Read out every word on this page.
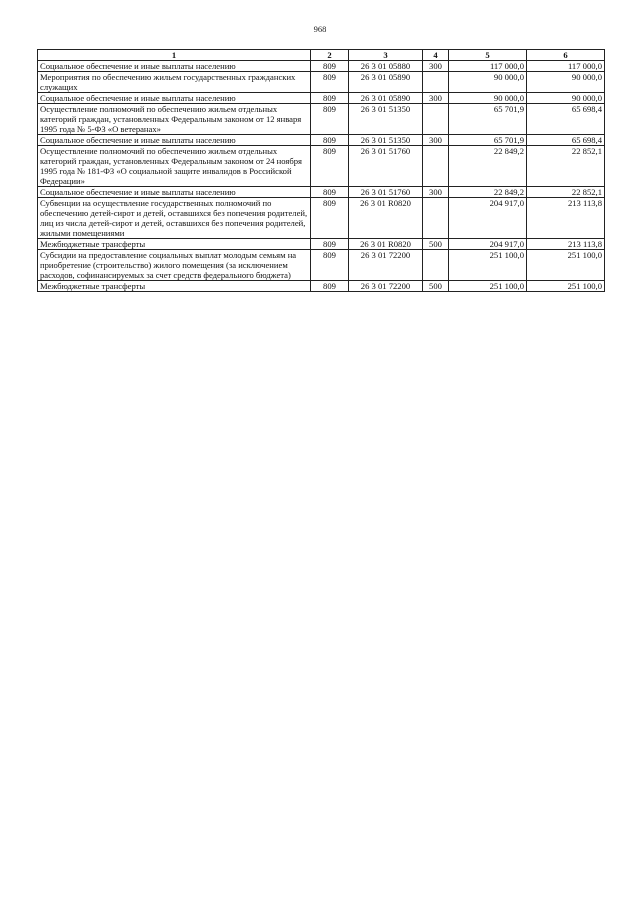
968
1	2	3	4	5	6
Социальное обеспечение и иные выплаты населению	809	26 3 01 05880	300	117 000,0	117 000,0
Мероприятия по обеспечению жильем государственных гражданских служащих	809	26 3 01 05890		90 000,0	90 000,0
Социальное обеспечение и иные выплаты населению	809	26 3 01 05890	300	90 000,0	90 000,0
Осуществление полномочий по обеспечению жильем отдельных категорий граждан, установленных Федеральным законом от 12 января 1995 года № 5-ФЗ «О ветеранах»	809	26 3 01 51350		65 701,9	65 698,4
Социальное обеспечение и иные выплаты населению	809	26 3 01 51350	300	65 701,9	65 698,4
Осуществление полномочий по обеспечению жильем отдельных категорий граждан, установленных Федеральным законом от 24 ноября 1995 года № 181-ФЗ «О социальной защите инвалидов в Российской Федерации»	809	26 3 01 51760		22 849,2	22 852,1
Социальное обеспечение и иные выплаты населению	809	26 3 01 51760	300	22 849,2	22 852,1
Субвенции на осуществление государственных полномочий по обеспечению детей-сирот и детей, оставшихся без попечения родителей, лиц из числа детей-сирот и детей, оставшихся без попечения родителей, жилыми помещениями	809	26 3 01 R0820		204 917,0	213 113,8
Межбюджетные трансферты	809	26 3 01 R0820	500	204 917,0	213 113,8
Субсидии на предоставление социальных выплат молодым семьям на приобретение (строительство) жилого помещения (за исключением расходов, софинансируемых за счет средств федерального бюджета)	809	26 3 01 72200		251 100,0	251 100,0
Межбюджетные трансферты	809	26 3 01 72200	500	251 100,0	251 100,0
